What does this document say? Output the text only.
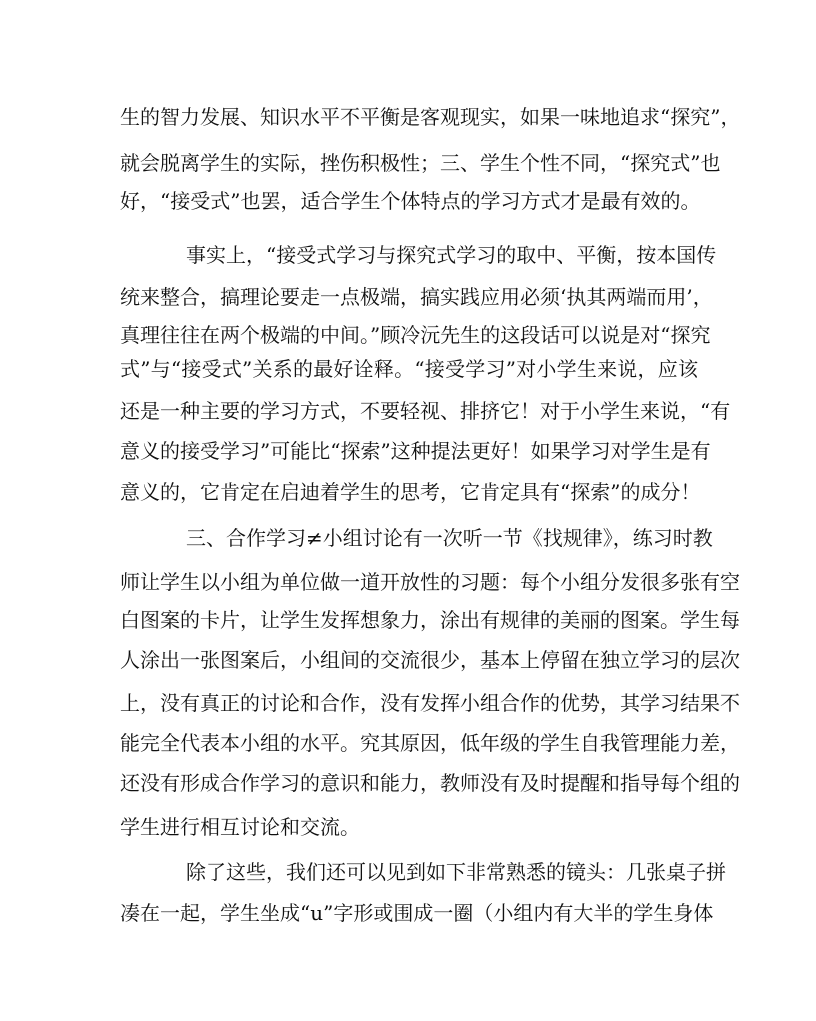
生的智力发展、知识水平不平衡是客观现实，如果一味地追求“探究”，
就会脱离学生的实际，挫伤积极性；三、学生个性不同，“探究式”也
好，“接受式”也罢，适合学生个体特点的学习方式才是最有效的。
事实上，“接受式学习与探究式学习的取中、平衡，按本国传
统来整合，搞理论要走一点极端，搞实践应用必须‘执其两端而用’，
真理往往在两个极端的中间。”顾冷沅先生的这段话可以说是对“探究
式”与“接受式”关系的最好诠释。“接受学习”对小学生来说，应该
还是一种主要的学习方式，不要轻视、排挤它！对于小学生来说，“有
意义的接受学习”可能比“探索”这种提法更好！如果学习对学生是有
意义的，它肯定在启迪着学生的思考，它肯定具有“探索”的成分！
三、合作学习≠小组讨论有一次听一节《找规律》，练习时教
师让学生以小组为单位做一道开放性的习题：每个小组分发很多张有空
白图案的卡片，让学生发挥想象力，涂出有规律的美丽的图案。学生每
人涂出一张图案后，小组间的交流很少，基本上停留在独立学习的层次
上，没有真正的讨论和合作，没有发挥小组合作的优势，其学习结果不
能完全代表本小组的水平。究其原因，低年级的学生自我管理能力差，
还没有形成合作学习的意识和能力，教师没有及时提醒和指导每个组的
学生进行相互讨论和交流。
除了这些，我们还可以见到如下非常熟悉的镜头：几张桌子拼
凑在一起，学生坐成“u”字形或围成一圈（小组内有大半的学生身体
